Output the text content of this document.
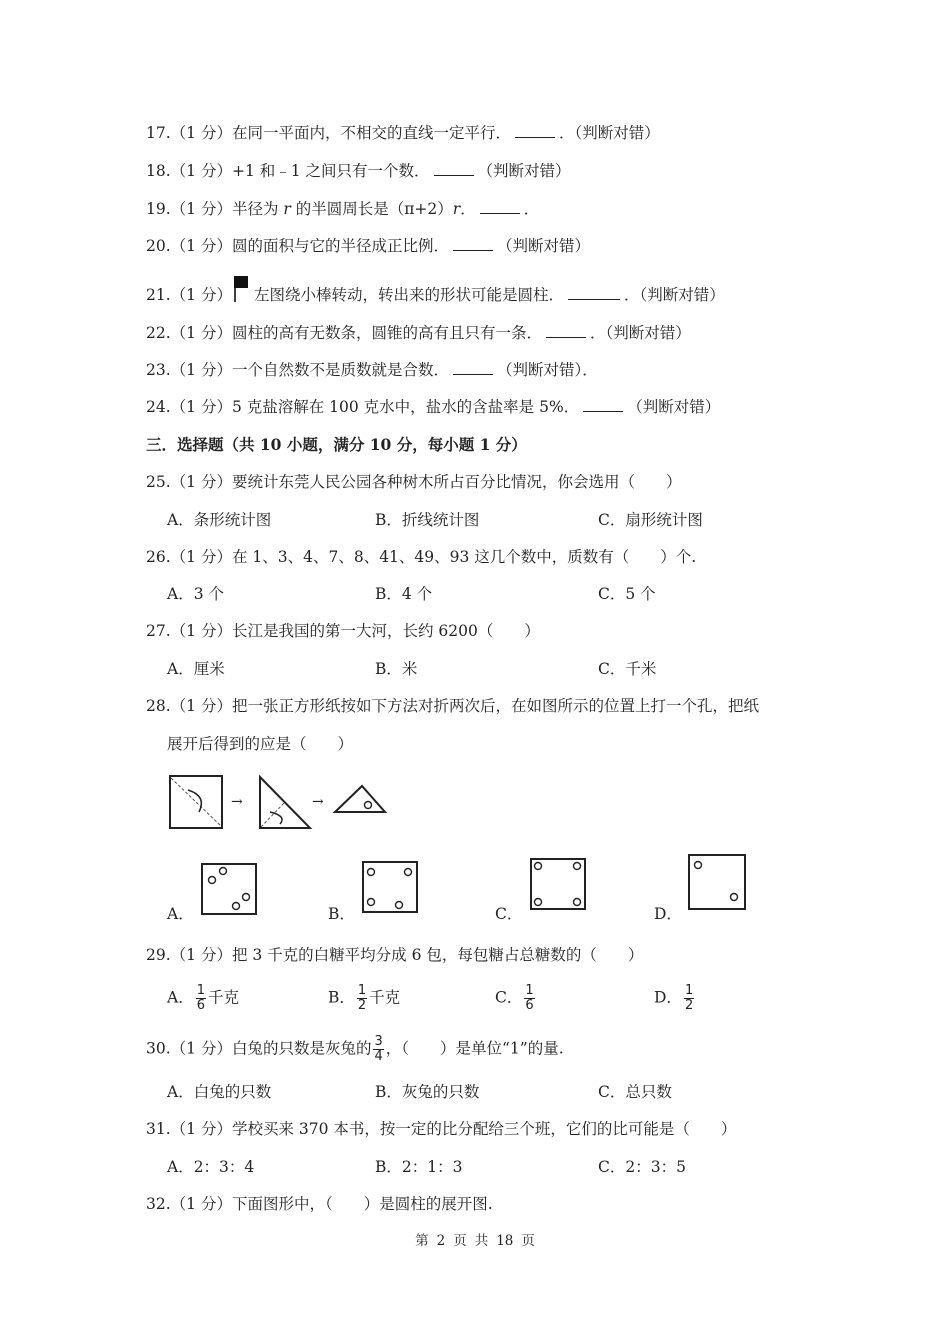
17.（1 分）在同一平面内，不相交的直线一定平行．	．（判断对错）
18.（1 分）+1 和﹣1 之间只有一个数．	（判断对错）
19.（1 分）半径为 r 的半圆周长是（π+2）r．	．
20.（1 分）圆的面积与它的半径成正比例．	（判断对错）
21.（1 分） 左图绕小棒转动，转出来的形状可能是圆柱．	．（判断对错）
22.（1 分）圆柱的高有无数条，圆锥的高有且只有一条．	．（判断对错）
23.（1 分）一个自然数不是质数就是合数．	（判断对错）．
24.（1 分）5 克盐溶解在 100 克水中，盐水的含盐率是 5%．	（判断对错）
三．选择题（共 10 小题，满分 10 分，每小题 1 分）
25.（1 分）要统计东莞人民公园各种树木所占百分比情况，你会选用（　　）
A．条形统计图	B．折线统计图	C．扇形统计图
26.（1 分）在 1、3、4、7、8、41、49、93 这几个数中，质数有（　　）个.
A．3 个	B．4 个	C．5 个
27.（1 分）长江是我国的第一大河，长约 6200（　　）
A．厘米	B．米	C．千米
28.（1 分）把一张正方形纸按如下方法对折两次后，在如图所示的位置上打一个孔，把纸
展开后得到的应是（　　）
→	→
A．	B．	C．	D．
29.（1 分）把 3 千克的白糖平均分成 6 包，每包糖占总糖数的（　　）
A． $\frac{1}{6}$ 千克	B． $\frac{1}{2}$ 千克	C． $\frac{1}{6}$	D． $\frac{1}{2}$
30.（1 分）白兔的只数是灰兔的 $\frac{3}{4}$ ，（　　）是单位“1”的量.
A．白兔的只数	B．灰兔的只数	C．总只数
31.（1 分）学校买来 370 本书，按一定的比分配给三个班，它们的比可能是（　　）
A．2：3：4	B．2：1：3	C．2：3：5
32.（1 分）下面图形中，（　　）是圆柱的展开图.
第 2 页 共 18 页
